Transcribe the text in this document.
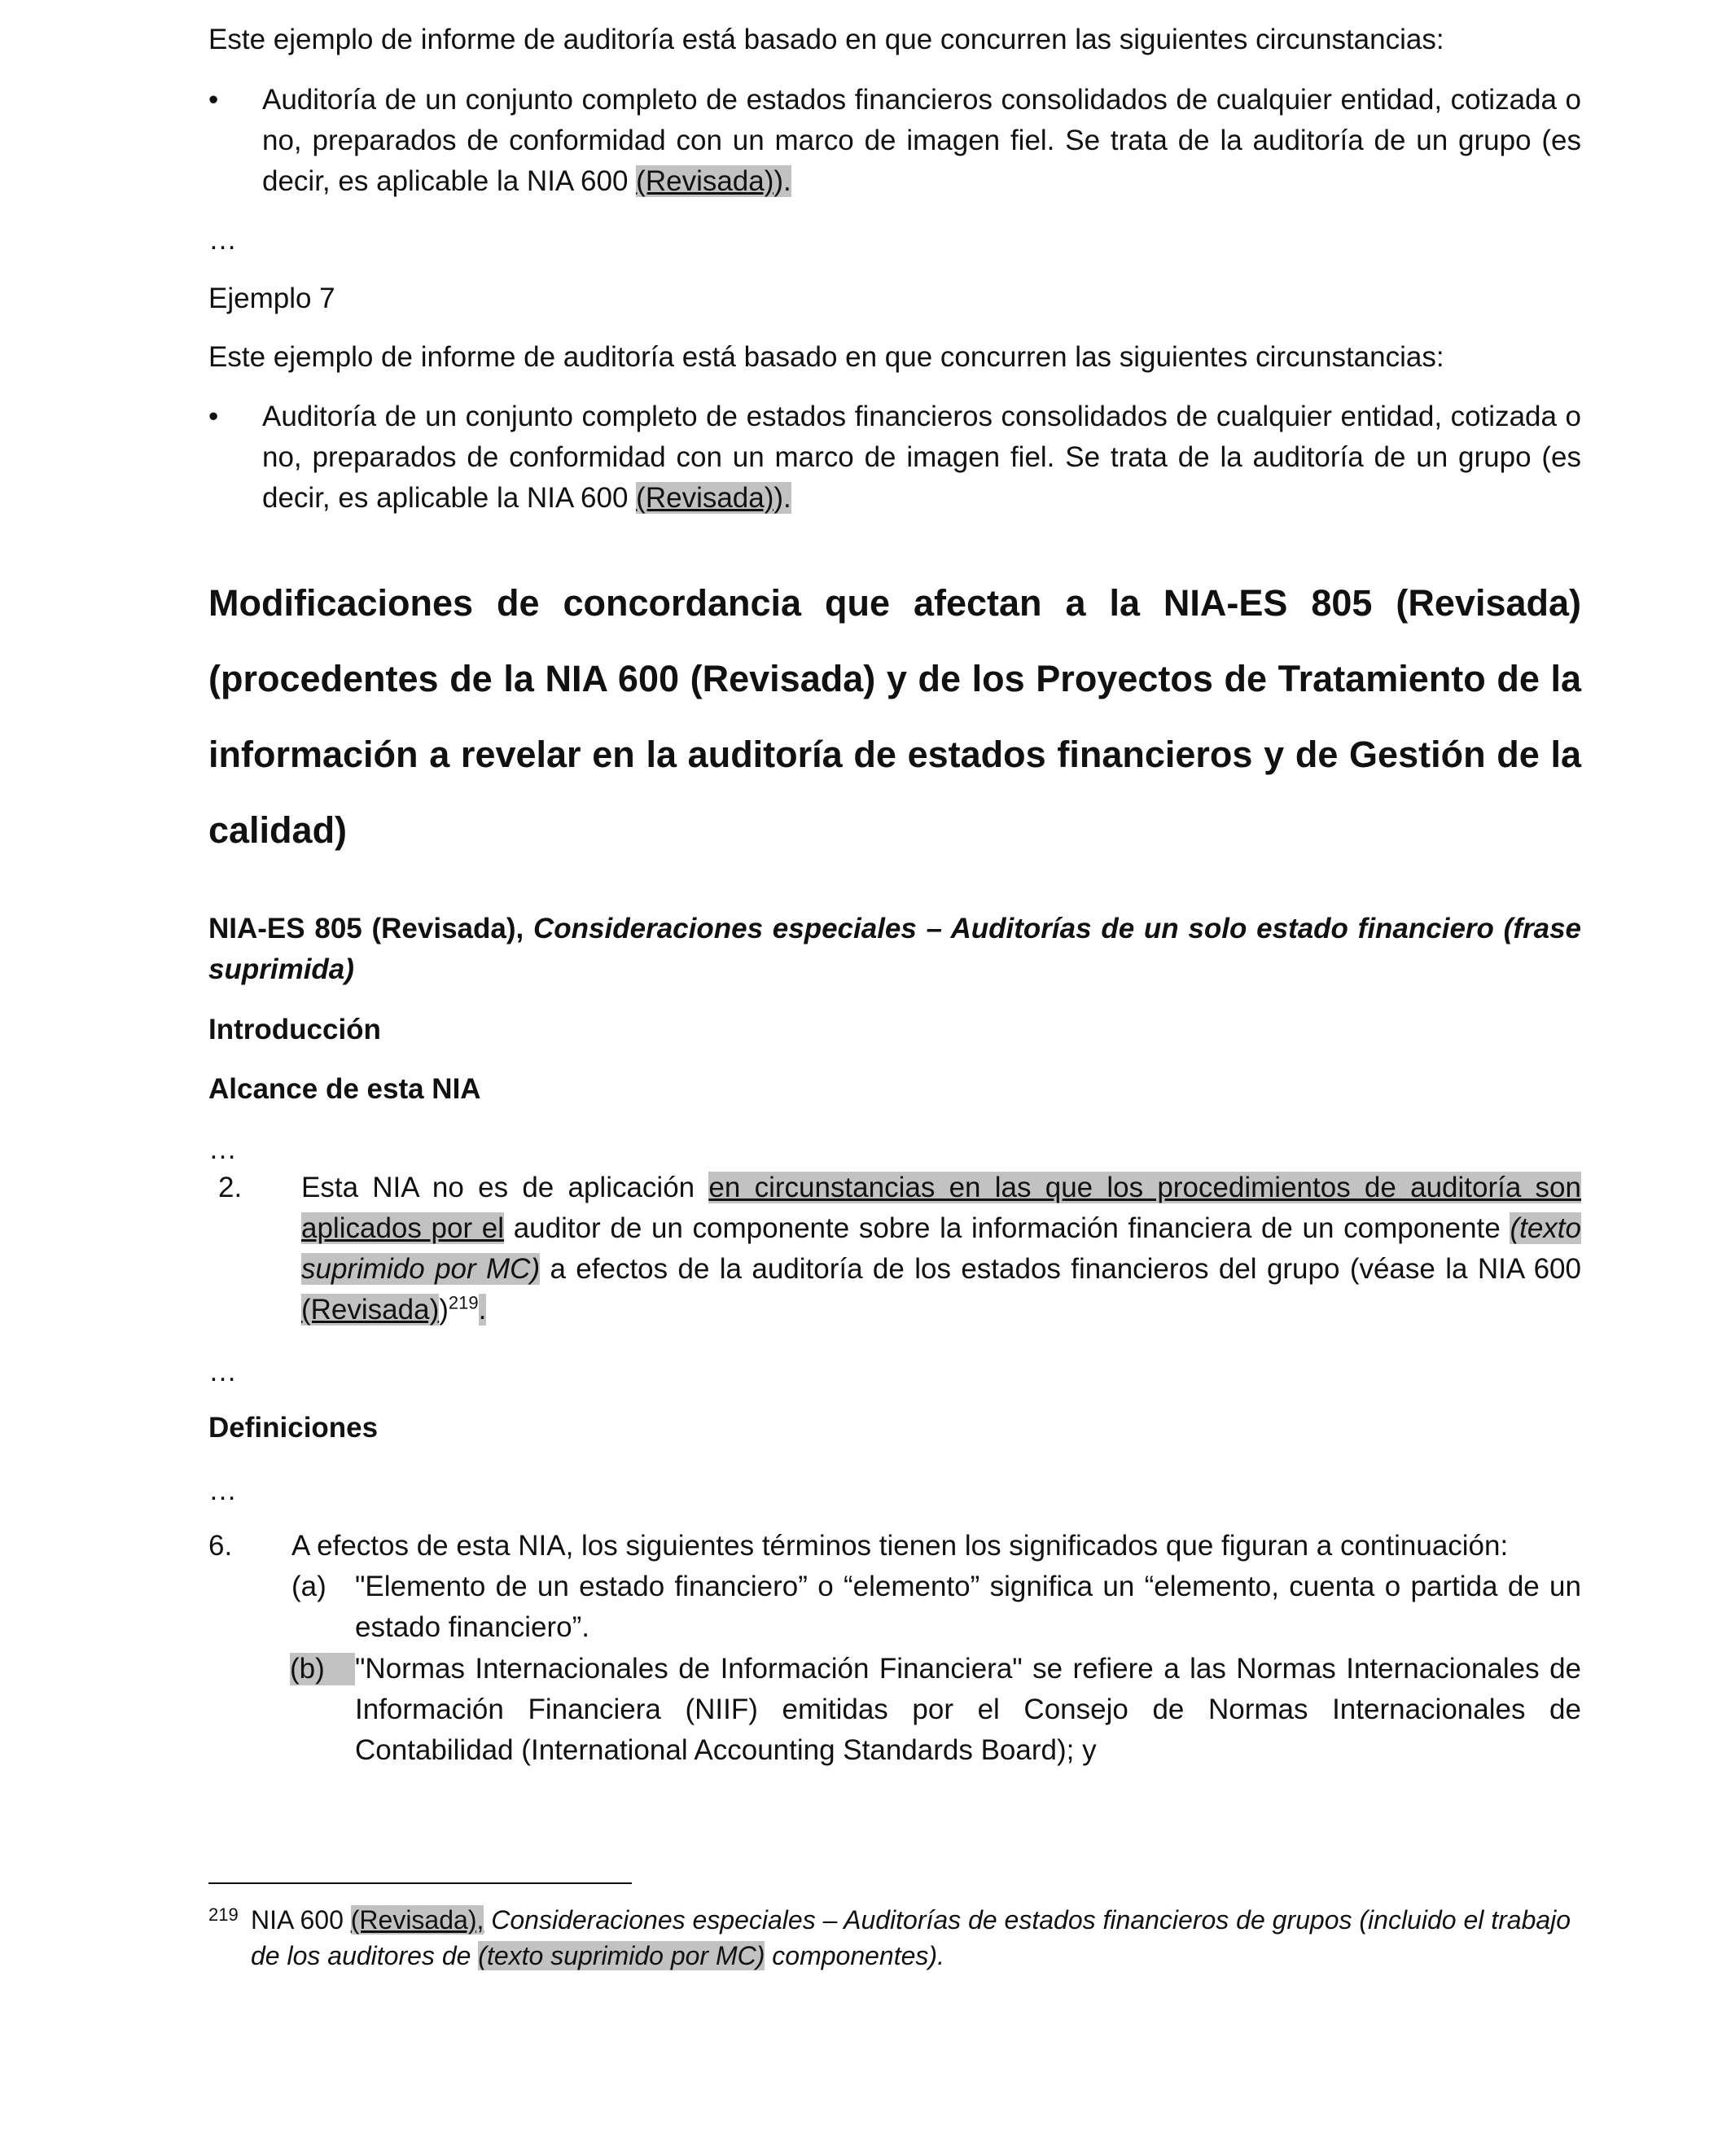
Este ejemplo de informe de auditoría está basado en que concurren las siguientes circunstancias:

• Auditoría de un conjunto completo de estados financieros consolidados de cualquier entidad, cotizada o no, preparados de conformidad con un marco de imagen fiel. Se trata de la auditoría de un grupo (es decir, es aplicable la NIA 600 (Revisada)).

…

Ejemplo 7

Este ejemplo de informe de auditoría está basado en que concurren las siguientes circunstancias:

• Auditoría de un conjunto completo de estados financieros consolidados de cualquier entidad, cotizada o no, preparados de conformidad con un marco de imagen fiel. Se trata de la auditoría de un grupo (es decir, es aplicable la NIA 600 (Revisada)).

Modificaciones de concordancia que afectan a la NIA-ES 805 (Revisada) (procedentes de la NIA 600 (Revisada) y de los Proyectos de Tratamiento de la información a revelar en la auditoría de estados financieros y de Gestión de la calidad)

NIA-ES 805 (Revisada), Consideraciones especiales – Auditorías de un solo estado financiero (frase suprimida)

Introducción

Alcance de esta NIA

…

2. Esta NIA no es de aplicación en circunstancias en las que los procedimientos de auditoría son aplicados por el auditor de un componente sobre la información financiera de un componente (texto suprimido por MC) a efectos de la auditoría de los estados financieros del grupo (véase la NIA 600 (Revisada))$^{219}$.

…

Definiciones

…

6. A efectos de esta NIA, los siguientes términos tienen los significados que figuran a continuación:

(a) "Elemento de un estado financiero” o “elemento” significa un “elemento, cuenta o partida de un estado financiero”.

(b)	"Normas Internacionales de Información Financiera" se refiere a las Normas Internacionales de Información Financiera (NIIF) emitidas por el Consejo de Normas Internacionales de Contabilidad (International Accounting Standards Board); y

219 NIA 600 (Revisada), Consideraciones especiales – Auditorías de estados financieros de grupos (incluido el trabajo de los auditores de (texto suprimido por MC) componentes).
